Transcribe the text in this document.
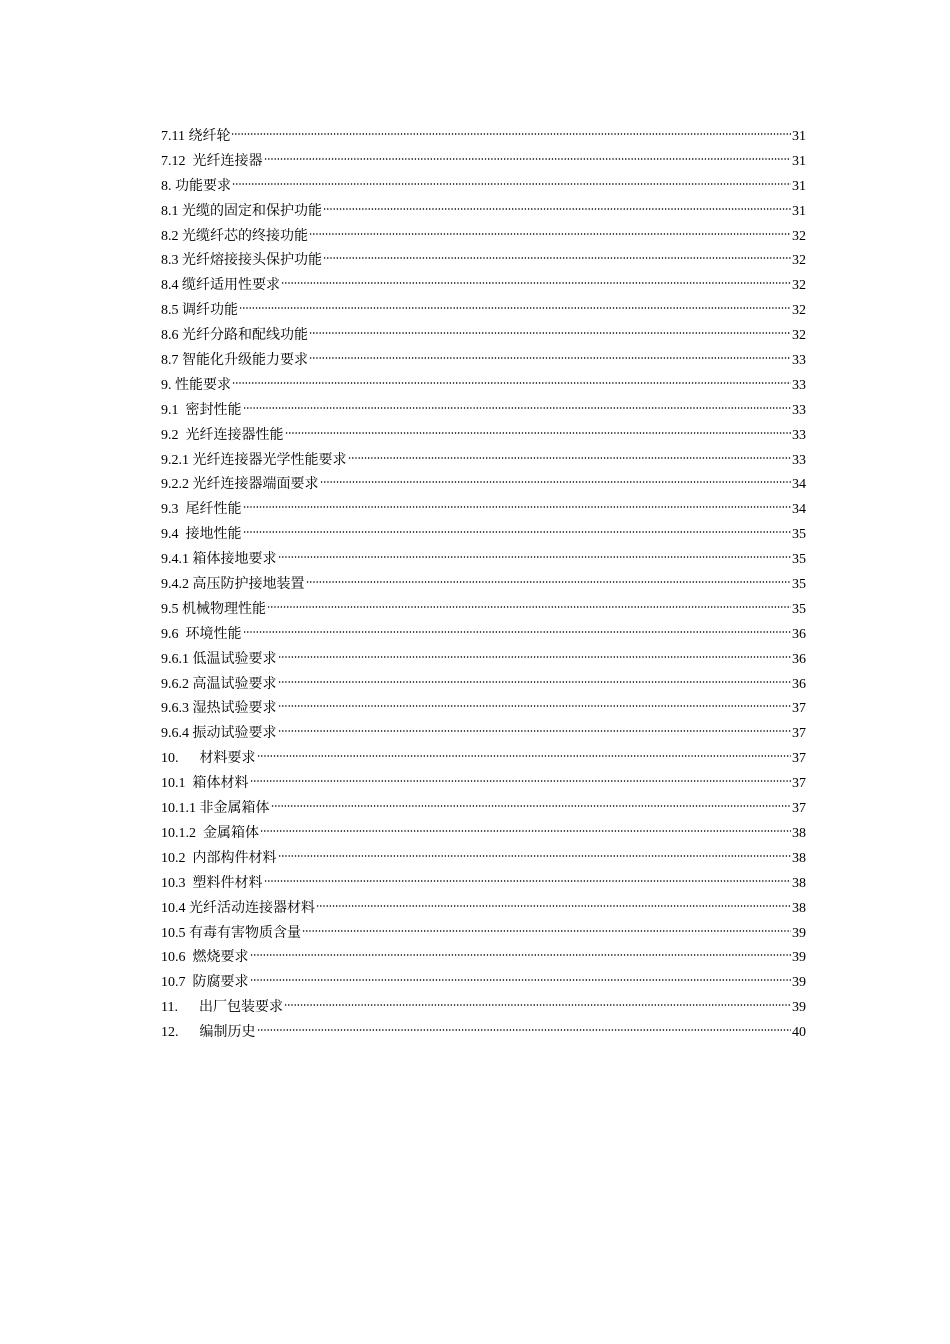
7.11 绕纤轮	31
7.12  光纤连接器	31
8. 功能要求	31
8.1 光缆的固定和保护功能	31
8.2 光缆纤芯的终接功能	32
8.3 光纤熔接接头保护功能	32
8.4 缆纤适用性要求	32
8.5 调纤功能	32
8.6 光纤分路和配线功能	32
8.7 智能化升级能力要求	33
9. 性能要求	33
9.1  密封性能	33
9.2  光纤连接器性能	33
9.2.1 光纤连接器光学性能要求	33
9.2.2 光纤连接器端面要求	34
9.3  尾纤性能	34
9.4  接地性能	35
9.4.1 箱体接地要求	35
9.4.2 高压防护接地装置	35
9.5 机械物理性能	35
9.6  环境性能	36
9.6.1 低温试验要求	36
9.6.2 高温试验要求	36
9.6.3 湿热试验要求	37
9.6.4 振动试验要求	37
10.      材料要求	37
10.1  箱体材料	37
10.1.1 非金属箱体	37
10.1.2  金属箱体	38
10.2  内部构件材料	38
10.3  塑料件材料	38
10.4 光纤活动连接器材料	38
10.5 有毒有害物质含量	39
10.6  燃烧要求	39
10.7  防腐要求	39
11.      出厂包装要求	39
12.      编制历史	40
